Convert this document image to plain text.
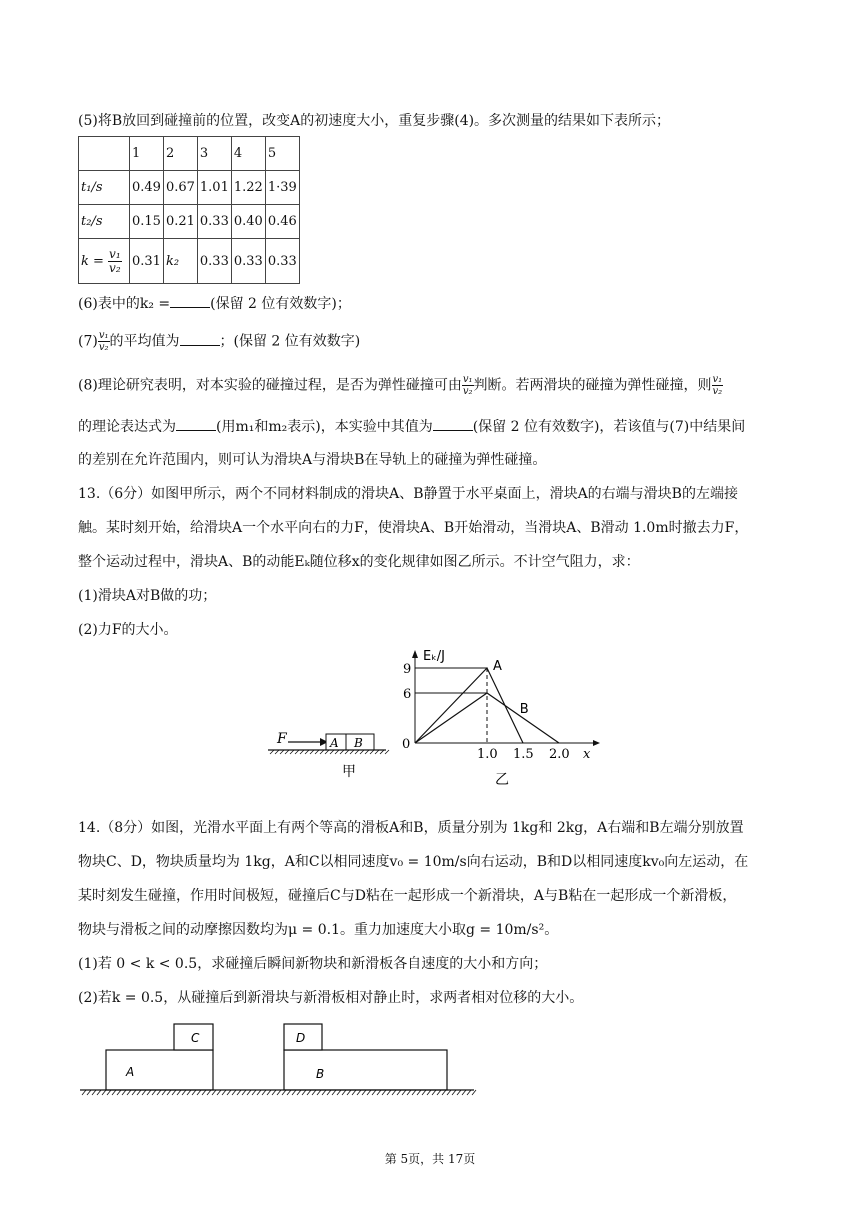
(5)将B放回到碰撞前的位置，改变A的初速度大小，重复步骤(4)。多次测量的结果如下表所示；
	1	2	3	4	5
t₁/s	0.49	0.67	1.01	1.22	1·39
t₂/s	0.15	0.21	0.33	0.40	0.46
$k = \frac{\text{v₁}}{\text{v₂}}$	0.31	k₂	0.33	0.33	0.33
(6)表中的k₂ =	(保留 2 位有效数字)；
$(7) \frac{\text{v₁}}{\text{v₂}}$ 的平均值为	；(保留 2 位有效数字)
(8)理论研究表明，对本实验的碰撞过程，是否为弹性碰撞可由 $\frac{\text{v₁}}{\text{v₂}}$ 判断。若两滑块的碰撞为弹性碰撞，则 $\frac{\text{v₁}}{\text{v₂}}$
的理论表达式为	(用m₁和m₂表示)，本实验中其值为	(保留 2 位有效数字)，若该值与(7)中结果间
的差别在允许范围内，则可认为滑块A与滑块B在导轨上的碰撞为弹性碰撞。
13.（6分）如图甲所示，两个不同材料制成的滑块A、B静置于水平桌面上，滑块A的右端与滑块B的左端接
触。某时刻开始，给滑块A一个水平向右的力F，使滑块A、B开始滑动，当滑块A、B滑动 1.0m时撤去力F，
整个运动过程中，滑块A、B的动能Eₖ随位移x的变化规律如图乙所示。不计空气阻力，求：
(1)滑块A对B做的功；
(2)力F的大小。
F	A B
甲
Eₖ/J
x
0
9
6
1.0 1.5 2.0
A
B
乙
14.（8分）如图，光滑水平面上有两个等高的滑板A和B，质量分别为 1kg和 2kg，A右端和B左端分别放置
物块C、D，物块质量均为 1kg，A和C以相同速度v₀ = 10m/s向右运动，B和D以相同速度kv₀向左运动，在
某时刻发生碰撞，作用时间极短，碰撞后C与D粘在一起形成一个新滑块，A与B粘在一起形成一个新滑板，
物块与滑板之间的动摩擦因数均为μ = 0.1。重力加速度大小取g = 10m/s²。
(1)若 0 < k < 0.5，求碰撞后瞬间新物块和新滑板各自速度的大小和方向；
(2)若k = 0.5，从碰撞后到新滑块与新滑板相对静止时，求两者相对位移的大小。
A
C
B
D
第 5页，共 17页
